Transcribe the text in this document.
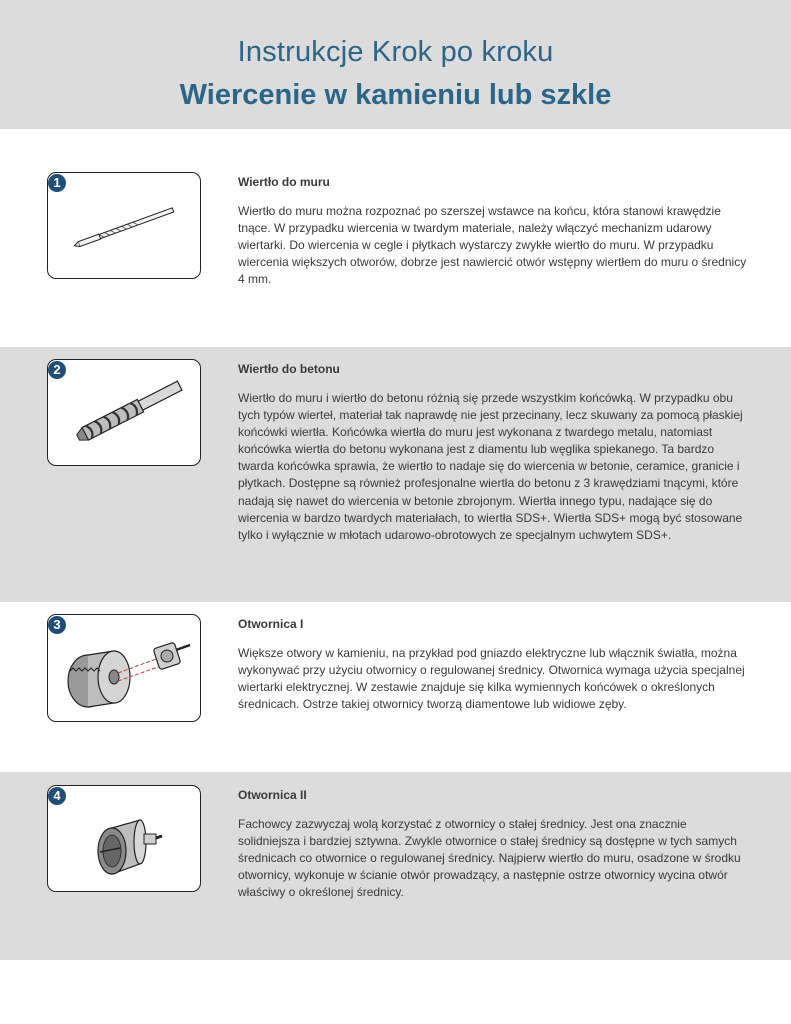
Instrukcje Krok po kroku
Wiercenie w kamieniu lub szkle
1	Wiertło do muru
Wiertło do muru można rozpoznać po szerszej wstawce na końcu, która stanowi krawędzie tnące. W przypadku wiercenia w twardym materiale, należy włączyć mechanizm udarowy wiertarki. Do wiercenia w cegle i płytkach wystarczy zwykłe wiertło do muru. W przypadku wiercenia większych otworów, dobrze jest nawiercić otwór wstępny wiertłem do muru o średnicy 4 mm.
2	Wiertło do betonu
Wiertło do muru i wiertło do betonu różnią się przede wszystkim końcówką. W przypadku obu tych typów wierteł, materiał tak naprawdę nie jest przecinany, lecz skuwany za pomocą płaskiej końcówki wiertła. Końcówka wiertła do muru jest wykonana z twardego metalu, natomiast końcówka wiertła do betonu wykonana jest z diamentu lub węglika spiekanego. Ta bardzo twarda końcówka sprawia, że wiertło to nadaje się do wiercenia w betonie, ceramice, granicie i płytkach. Dostępne są również profesjonalne wiertła do betonu z 3 krawędziami tnącymi, które nadają się nawet do wiercenia w betonie zbrojonym. Wiertła innego typu, nadające się do wiercenia w bardzo twardych materiałach, to wiertła SDS+. Wiertła SDS+ mogą być stosowane tylko i wyłącznie w młotach udarowo-obrotowych ze specjalnym uchwytem SDS+.
3	Otwornica I
Większe otwory w kamieniu, na przykład pod gniazdo elektryczne lub włącznik światła, można wykonywać przy użyciu otwornicy o regulowanej średnicy. Otwornica wymaga użycia specjalnej wiertarki elektrycznej. W zestawie znajduje się kilka wymiennych końcówek o określonych średnicach. Ostrze takiej otwornicy tworzą diamentowe lub widiowe zęby.
4	Otwornica II
Fachowcy zazwyczaj wolą korzystać z otwornicy o stałej średnicy. Jest ona znacznie solidniejsza i bardziej sztywna. Zwykle otwornice o stałej średnicy są dostępne w tych samych średnicach co otwornice o regulowanej średnicy. Najpierw wiertło do muru, osadzone w środku otwornicy, wykonuje w ścianie otwór prowadzący, a następnie ostrze otwornicy wycina otwór właściwy o określonej średnicy.
